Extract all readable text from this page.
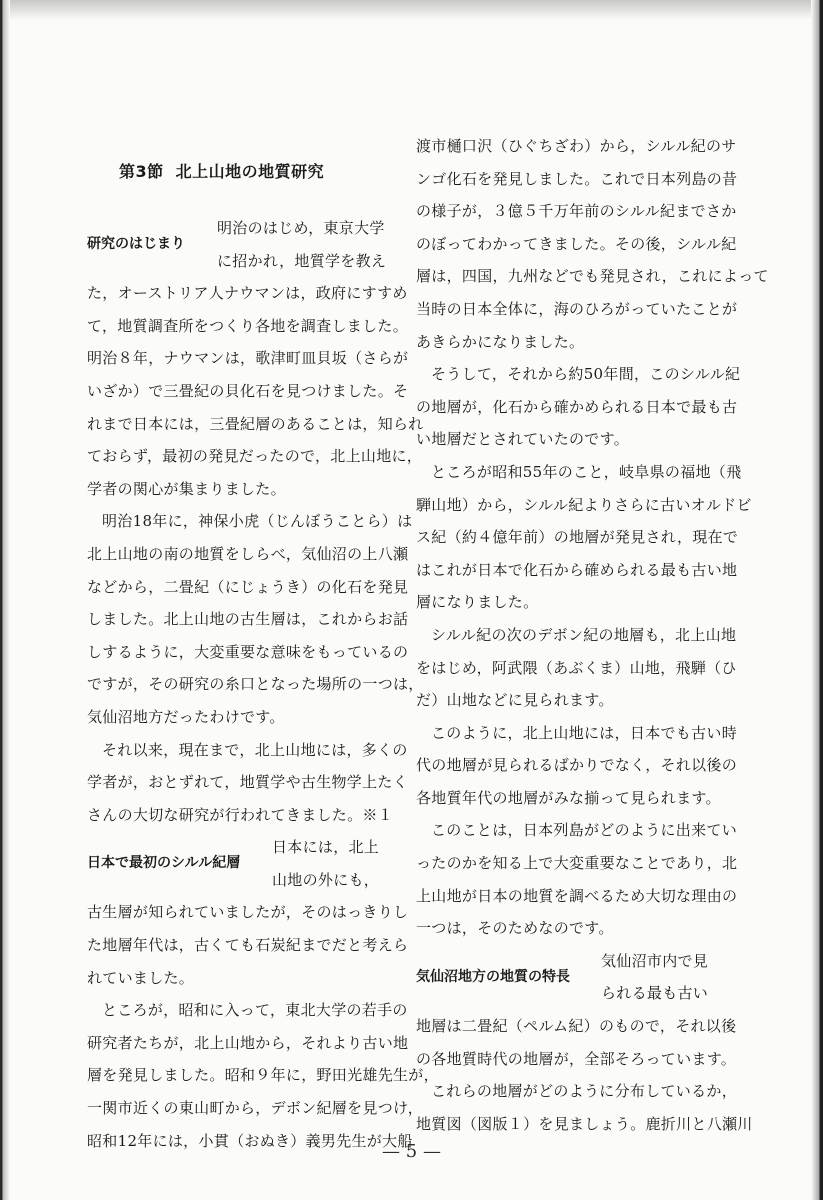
第3節 北上山地の地質研究
研究のはじまり
明治のはじめ，東京大学
に招かれ，地質学を教え
た，オーストリア人ナウマンは，政府にすすめ
て，地質調査所をつくり各地を調査しました。
明治８年，ナウマンは，歌津町皿貝坂（さらが
いざか）で三畳紀の貝化石を見つけました。そ
れまで日本には，三畳紀層のあることは，知られ
ておらず，最初の発見だったので，北上山地に，
学者の関心が集まりました。
明治18年に，神保小虎（じんぼうことら）は
北上山地の南の地質をしらべ，気仙沼の上八瀬
などから，二畳紀（にじょうき）の化石を発見
しました。北上山地の古生層は，これからお話
しするように，大変重要な意味をもっているの
ですが，その研究の糸口となった場所の一つは，
気仙沼地方だったわけです。
それ以来，現在まで，北上山地には，多くの
学者が，おとずれて，地質学や古生物学上たく
さんの大切な研究が行われてきました。※１
日本で最初のシルル紀層
日本には，北上
山地の外にも，
古生層が知られていましたが，そのはっきりし
た地層年代は，古くても石炭紀までだと考えら
れていました。
ところが，昭和に入って，東北大学の若手の
研究者たちが，北上山地から，それより古い地
層を発見しました。昭和９年に，野田光雄先生が，
一関市近くの東山町から，デボン紀層を見つけ，
昭和12年には，小貫（おぬき）義男先生が大船
渡市樋口沢（ひぐちざわ）から，シルル紀のサ
ンゴ化石を発見しました。これで日本列島の昔
の様子が，３億５千万年前のシルル紀までさか
のぼってわかってきました。その後，シルル紀
層は，四国，九州などでも発見され，これによって
当時の日本全体に，海のひろがっていたことが
あきらかになりました。
そうして，それから約50年間，このシルル紀
の地層が，化石から確かめられる日本で最も古
い地層だとされていたのです。
ところが昭和55年のこと，岐阜県の福地（飛
騨山地）から，シルル紀よりさらに古いオルドビ
ス紀（約４億年前）の地層が発見され，現在で
はこれが日本で化石から確められる最も古い地
層になりました。
シルル紀の次のデボン紀の地層も，北上山地
をはじめ，阿武隈（あぶくま）山地，飛騨（ひ
だ）山地などに見られます。
このように，北上山地には，日本でも古い時
代の地層が見られるばかりでなく，それ以後の
各地質年代の地層がみな揃って見られます。
このことは，日本列島がどのように出来てい
ったのかを知る上で大変重要なことであり，北
上山地が日本の地質を調べるため大切な理由の
一つは，そのためなのです。
気仙沼地方の地質の特長
気仙沼市内で見
られる最も古い
地層は二畳紀（ペルム紀）のもので，それ以後
の各地質時代の地層が，全部そろっています。
これらの地層がどのように分布しているか，
地質図（図版１）を見ましょう。鹿折川と八瀬川
— 5 —
